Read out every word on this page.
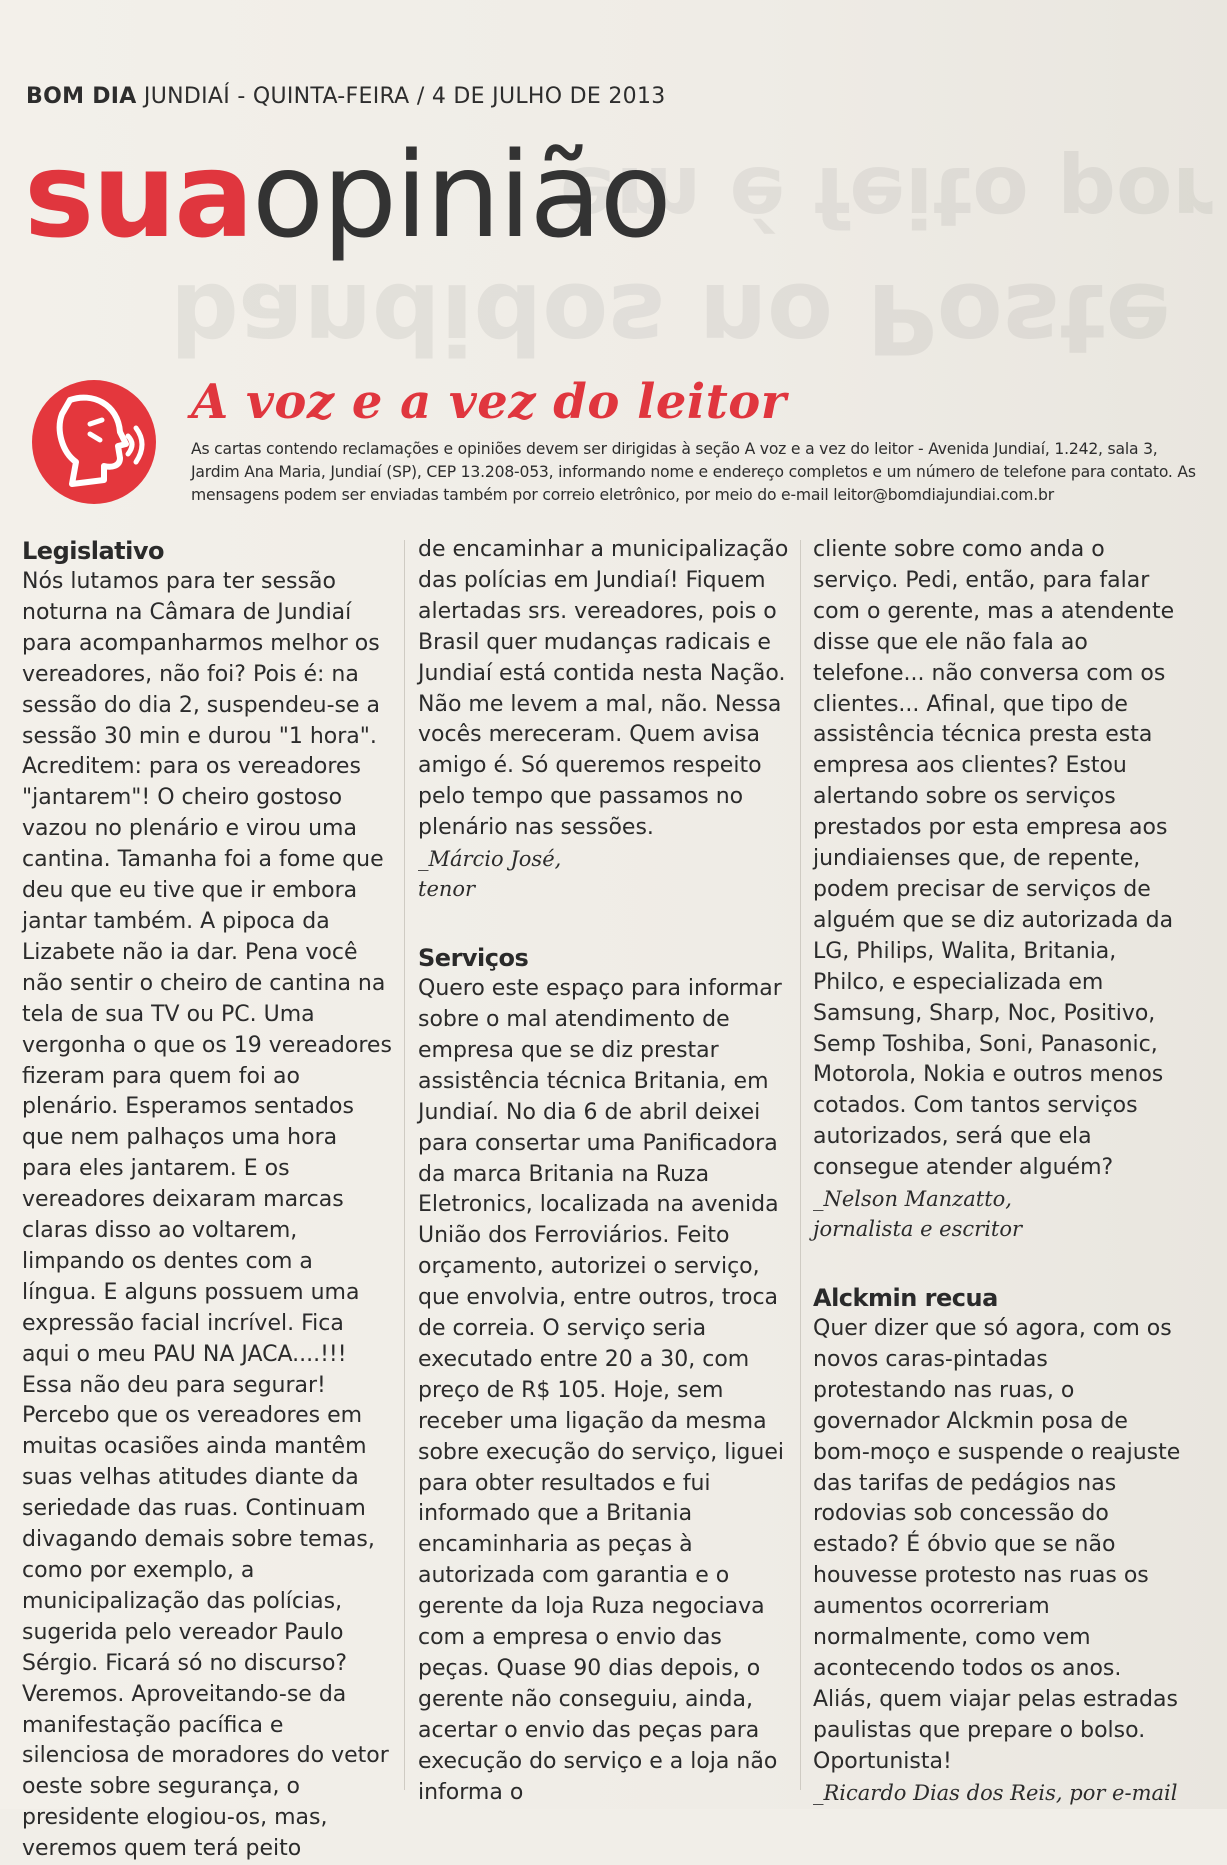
em é feito por
bandidos no Poste
BOM DIA JUNDIAÍ - QUINTA-FEIRA / 4 DE JULHO DE 2013
suaopinião
A voz e a vez do leitor
As cartas contendo reclamações e opiniões devem ser dirigidas à seção A voz e a vez do leitor - Avenida Jundiaí, 1.242, sala 3, Jardim Ana Maria, Jundiaí (SP), CEP 13.208-053, informando nome e endereço completos e um número de telefone para contato. As mensagens podem ser enviadas também por correio eletrônico, por meio do e-mail leitor@bomdiajundiai.com.br
Legislativo

Nós lutamos para ter sessão noturna na Câmara de Jundiaí para acompanharmos melhor os vereadores, não foi? Pois é: na sessão do dia 2, suspendeu-se a sessão 30 min e durou "1 hora". Acreditem: para os vereadores "jantarem"! O cheiro gostoso vazou no plenário e virou uma cantina. Tamanha foi a fome que deu que eu tive que ir embora jantar também. A pipoca da Lizabete não ia dar. Pena você não sentir o cheiro de cantina na tela de sua TV ou PC. Uma vergonha o que os 19 vereadores fizeram para quem foi ao plenário. Esperamos sentados que nem palhaços uma hora para eles jantarem. E os vereadores deixaram marcas claras disso ao voltarem, limpando os dentes com a língua. E alguns possuem uma expressão facial incrível. Fica aqui o meu PAU NA JACA....!!! Essa não deu para segurar! Percebo que os vereadores em muitas ocasiões ainda mantêm suas velhas atitudes diante da seriedade das ruas. Continuam divagando demais sobre temas, como por exemplo, a municipalização das polícias, sugerida pelo vereador Paulo Sérgio. Ficará só no discurso? Veremos. Aproveitando-se da manifestação pacífica e silenciosa de moradores do vetor oeste sobre segurança, o presidente elogiou-os, mas, veremos quem terá peito

de encaminhar a municipalização das polícias em Jundiaí! Fiquem alertadas srs. vereadores, pois o Brasil quer mudanças radicais e Jundiaí está contida nesta Nação. Não me levem a mal, não. Nessa vocês mereceram. Quem avisa amigo é. Só queremos respeito pelo tempo que passamos no plenário nas sessões.

_Márcio José,
tenor
Serviços

Quero este espaço para informar sobre o mal atendimento de empresa que se diz prestar assistência técnica Britania, em Jundiaí. No dia 6 de abril deixei para consertar uma Panificadora da marca Britania na Ruza Eletronics, localizada na avenida União dos Ferroviários. Feito orçamento, autorizei o serviço, que envolvia, entre outros, troca de correia. O serviço seria executado entre 20 a 30, com preço de R$ 105. Hoje, sem receber uma ligação da mesma sobre execução do serviço, liguei para obter resultados e fui informado que a Britania encaminharia as peças à autorizada com garantia e o gerente da loja Ruza negociava com a empresa o envio das peças. Quase 90 dias depois, o gerente não conseguiu, ainda, acertar o envio das peças para execução do serviço e a loja não informa o

cliente sobre como anda o serviço. Pedi, então, para falar com o gerente, mas a atendente disse que ele não fala ao telefone... não conversa com os clientes... Afinal, que tipo de assistência técnica presta esta empresa aos clientes? Estou alertando sobre os serviços prestados por esta empresa aos jundiaienses que, de repente, podem precisar de serviços de alguém que se diz autorizada da LG, Philips, Walita, Britania, Philco, e especializada em Samsung, Sharp, Noc, Positivo, Semp Toshiba, Soni, Panasonic, Motorola, Nokia e outros menos cotados. Com tantos serviços autorizados, será que ela consegue atender alguém?

_Nelson Manzatto,
jornalista e escritor
Alckmin recua

Quer dizer que só agora, com os novos caras-pintadas protestando nas ruas, o governador Alckmin posa de bom-moço e suspende o reajuste das tarifas de pedágios nas rodovias sob concessão do estado? É óbvio que se não houvesse protesto nas ruas os aumentos ocorreriam normalmente, como vem acontecendo todos os anos. Aliás, quem viajar pelas estradas paulistas que prepare o bolso. Oportunista!

_Ricardo Dias dos Reis, por e-mail
